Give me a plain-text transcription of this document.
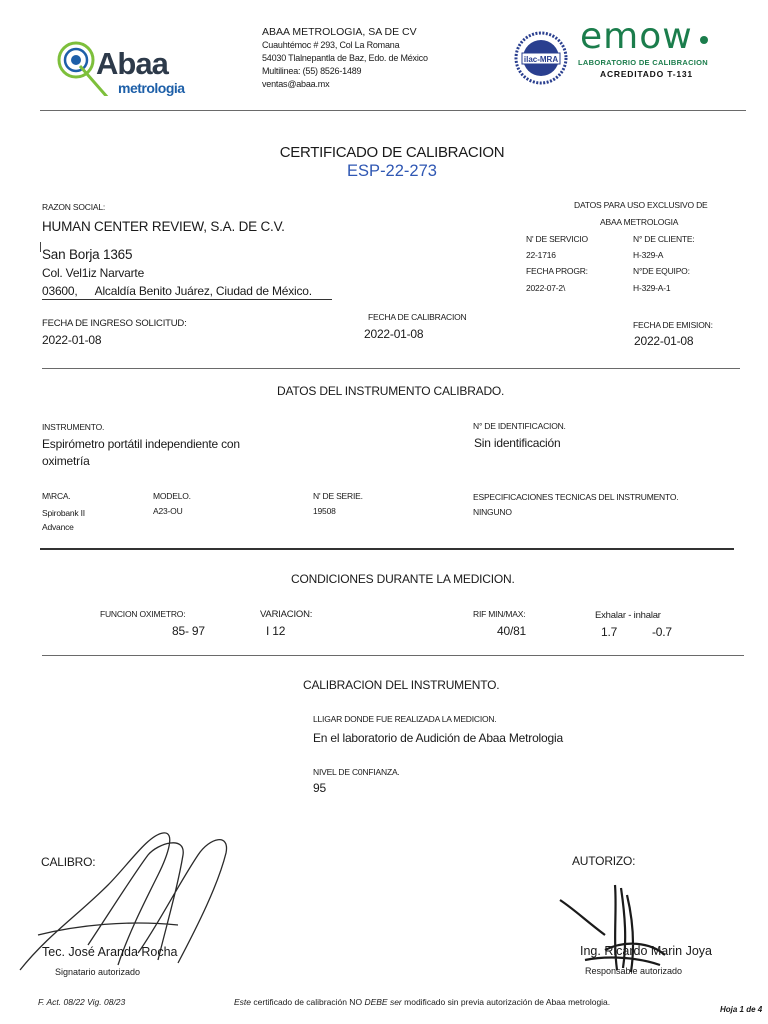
Abaa
metrologia
ABAA METROLOGIA, SA DE CV
Cuauhtémoc # 293, Col La Romana
54030 Tlalnepantla de Baz, Edo. de México
Multilinea: (55) 8526-1489
ventas@abaa.mx
ilac-MRA
emow
LABORATORIO DE CALIBRACION
ACREDITADO T-131
CERTIFICADO DE CALIBRACION
ESP-22-273
RAZON SOCIAL:
HUMAN CENTER REVIEW, S.A. DE C.V.
San Borja 1365
Col. Vel1iz Narvarte
03600, Alcaldía Benito Juárez, Ciudad de México.
DATOS PARA USO EXCLUSIVO DE
ABAA METROLOGIA
N' DE SERVICIO	N° DE CLIENTE:
22-1716	H-329-A
FECHA PROGR:	N°DE EQUIPO:
2022-07-2\	H-329-A-1
FECHA DE INGRESO SOLICITUD:
2022-01-08
FECHA DE CALIBRACION
2022-01-08
FECHA DE EMISION:
2022-01-08
DATOS DEL INSTRUMENTO CALIBRADO.
INSTRUMENTO.
Espirómetro portátil independiente con
oximetría
N° DE IDENTIFICACION.
Sin identificación
M\RCA.
Spirobank II
Advance
MODELO.
A23-OU
N' DE SERIE.
19508
ESPECIFICACIONES TECNICAS DEL INSTRUMENTO.
NINGUNO
CONDICIONES DURANTE LA MEDICION.
FUNCION OXIMETRO:
85- 97
VARIACION:
I 12
RIF MIN/MAX:
40/81
Exhalar - inhalar
1.7	-0.7
CALIBRACION DEL INSTRUMENTO.
LLIGAR DONDE FUE REALIZADA LA MEDICION.
En el laboratorio de Audición de Abaa Metrologia
NIVEL DE C0NFIANZA.
95
CALIBRO:
Tec. José Aranda Rocha
Signatario autorizado
AUTORIZO:
Ing. Ricardo Marin Joya
Responsable autorizado
F. Act. 08/22 Vig. 08/23	Este certificado de calibración NO DEBE ser modificado sin previa autorización de Abaa metrologia.
Hoja 1 de 4
